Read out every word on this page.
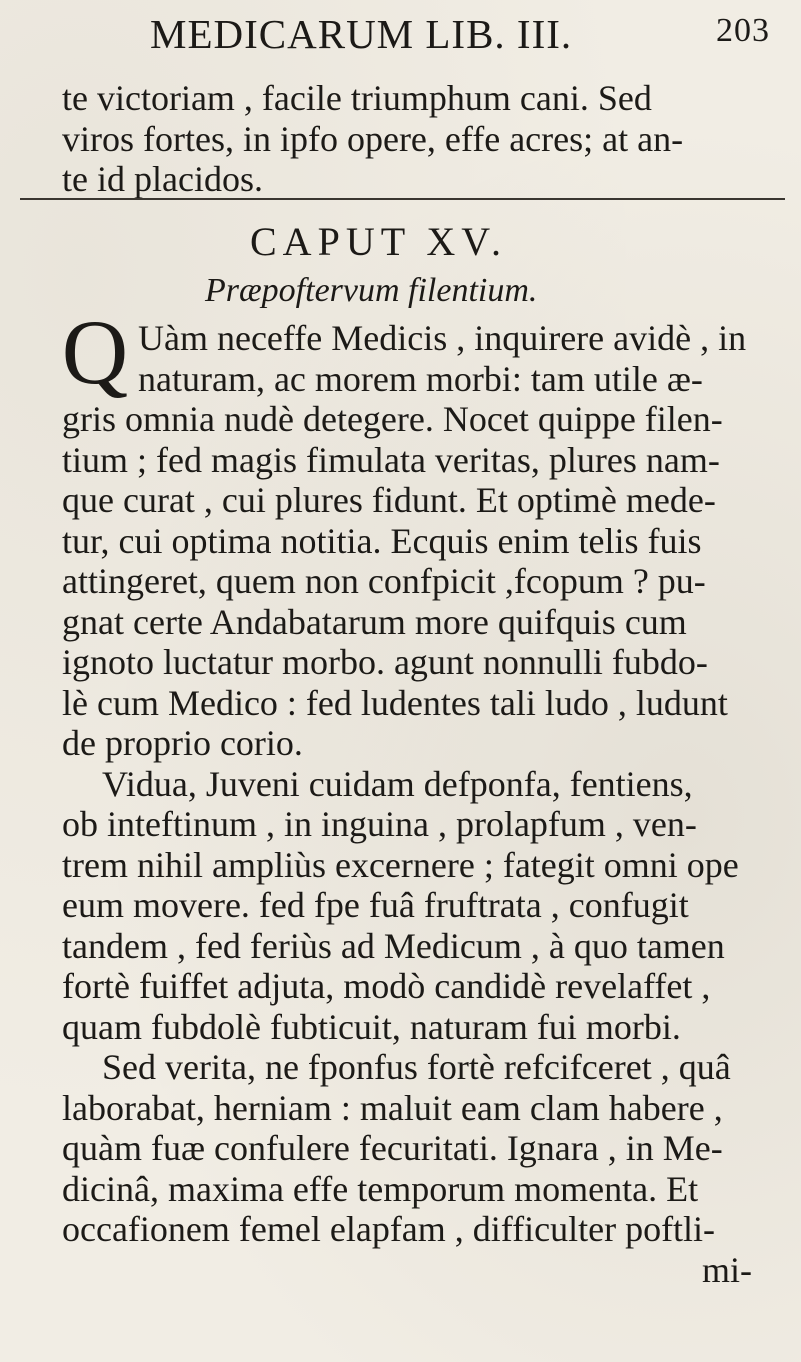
MEDICARUM LIB. III.	203
te victoriam , facile triumphum cani. Sed
viros fortes, in ipfo opere, effe acres; at an-
te id placidos.
CAPUT XV.
Præpoftervum filentium.
Q Uàm neceffe Medicis , inquirere avidè , in
naturam, ac morem morbi: tam utile æ-
gris omnia nudè detegere. Nocet quippe filen-
tium ; fed magis fimulata veritas, plures nam-
que curat , cui plures fidunt. Et optimè mede-
tur, cui optima notitia. Ecquis enim telis fuis
attingeret, quem non confpicit ,fcopum ? pu-
gnat certe Andabatarum more quifquis cum
ignoto luctatur morbo. agunt nonnulli fubdo-
lè cum Medico : fed ludentes tali ludo , ludunt
de proprio corio.
Vidua, Juveni cuidam defponfa, fentiens,
ob inteftinum , in inguina , prolapfum , ven-
trem nihil ampliùs excernere ; fategit omni ope
eum movere. fed fpe fuâ fruftrata , confugit
tandem , fed feriùs ad Medicum , à quo tamen
fortè fuiffet adjuta, modò candidè revelaffet ,
quam fubdolè fubticuit, naturam fui morbi.
Sed verita, ne fponfus fortè refcifceret , quâ
laborabat, herniam : maluit eam clam habere ,
quàm fuæ confulere fecuritati. Ignara , in Me-
dicinâ, maxima effe temporum momenta. Et
occafionem femel elapfam , difficulter poftli-
mi-
